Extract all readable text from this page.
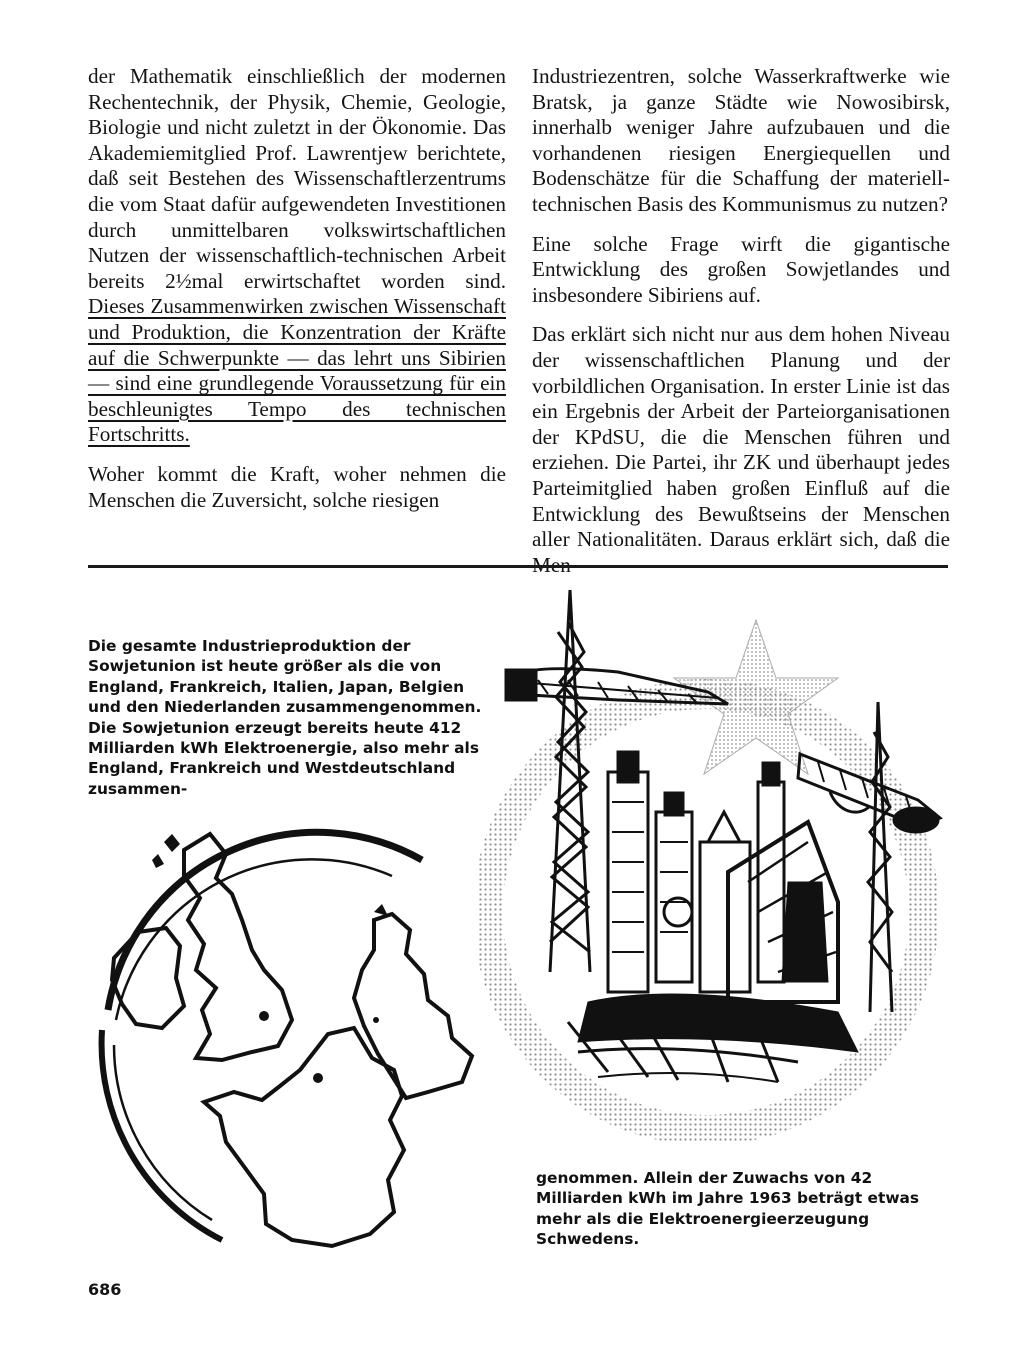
der Mathematik einschließlich der modernen Rechentechnik, der Physik, Chemie, Geologie, Biologie und nicht zuletzt in der Ökonomie. Das Akademiemitglied Prof. Lawrentjew berichtete, daß seit Bestehen des Wissenschaftlerzentrums die vom Staat dafür aufgewendeten Investitionen durch unmittelbaren volkswirtschaftlichen Nutzen der wissenschaftlich-technischen Arbeit bereits 2½mal erwirtschaftet worden sind. Dieses Zusammenwirken zwischen Wissenschaft und Produktion, die Konzentration der Kräfte auf die Schwerpunkte — das lehrt uns Sibirien — sind eine grundlegende Voraussetzung für ein beschleunigtes Tempo des technischen Fortschritts.

Woher kommt die Kraft, woher nehmen die Menschen die Zuversicht, solche riesigen

Industriezentren, solche Wasserkraftwerke wie Bratsk, ja ganze Städte wie Nowosibirsk, innerhalb weniger Jahre aufzubauen und die vorhandenen riesigen Energiequellen und Bodenschätze für die Schaffung der materiell-technischen Basis des Kommunismus zu nutzen?

Eine solche Frage wirft die gigantische Entwicklung des großen Sowjetlandes und insbesondere Sibiriens auf.

Das erklärt sich nicht nur aus dem hohen Niveau der wissenschaftlichen Planung und der vorbildlichen Organisation. In erster Linie ist das ein Ergebnis der Arbeit der Parteiorganisationen der KPdSU, die die Menschen führen und erziehen. Die Partei, ihr ZK und überhaupt jedes Parteimitglied haben großen Einfluß auf die Entwicklung des Bewußtseins der Menschen aller Nationalitäten. Daraus erklärt sich, daß die

Die gesamte Industrieproduktion der Sowjetunion ist heute größer als die von England, Frankreich, Italien, Japan, Belgien und den Niederlanden zusammengenommen.

Die Sowjetunion erzeugt bereits heute 412 Milliarden kWh Elektroenergie, also mehr als England, Frankreich und Westdeutschland zusammen-

genommen. Allein der Zuwachs von 42 Milliarden kWh im Jahre 1963 beträgt etwas mehr als die Elektroenergieerzeugung Schwedens.
686
